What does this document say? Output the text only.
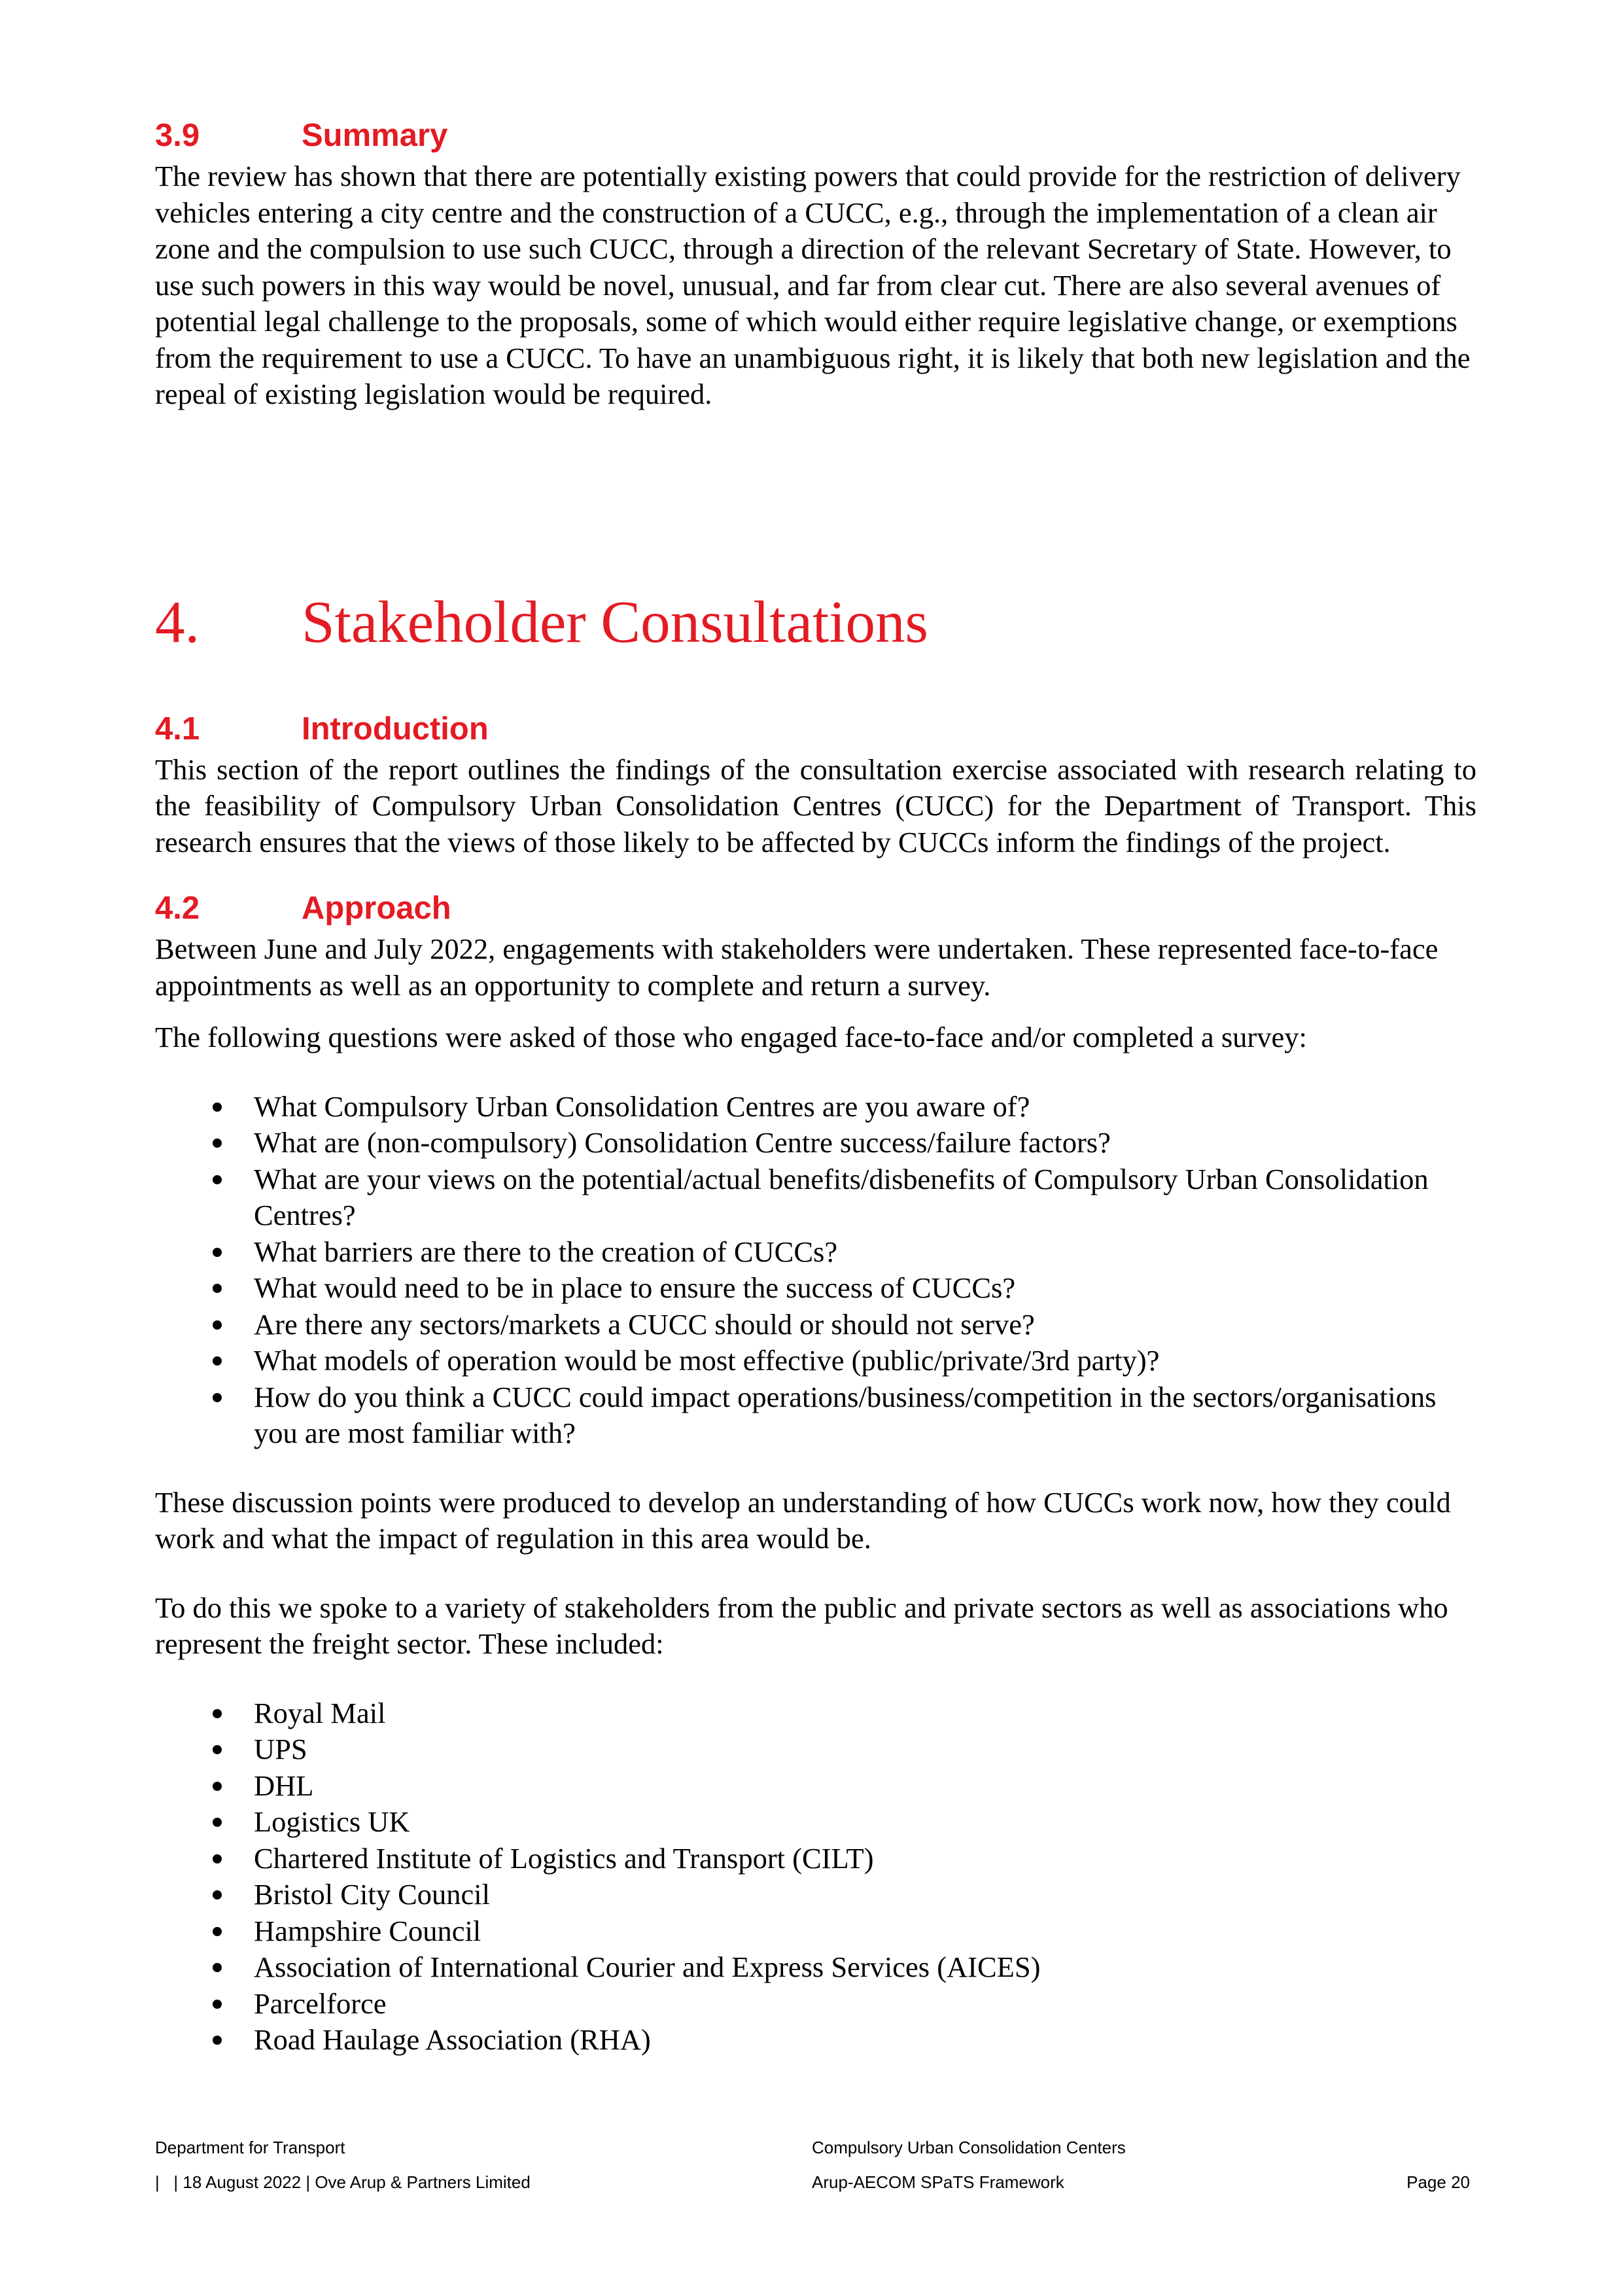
3.9	Summary

The review has shown that there are potentially existing powers that could provide for the restriction of delivery vehicles entering a city centre and the construction of a CUCC, e.g., through the implementation of a clean air zone and the compulsion to use such CUCC, through a direction of the relevant Secretary of State. However, to use such powers in this way would be novel, unusual, and far from clear cut. There are also several avenues of potential legal challenge to the proposals, some of which would either require legislative change, or exemptions from the requirement to use a CUCC. To have an unambiguous right, it is likely that both new legislation and the repeal of existing legislation would be required.

4.	Stakeholder Consultations
4.1	Introduction

This section of the report outlines the findings of the consultation exercise associated with research relating to the feasibility of Compulsory Urban Consolidation Centres (CUCC) for the Department of Transport. This research ensures that the views of those likely to be affected by CUCCs inform the findings of the project.

4.2	Approach

Between June and July 2022, engagements with stakeholders were undertaken. These represented face-to-face appointments as well as an opportunity to complete and return a survey.

The following questions were asked of those who engaged face-to-face and/or completed a survey:

What Compulsory Urban Consolidation Centres are you aware of?
What are (non-compulsory) Consolidation Centre success/failure factors?
What are your views on the potential/actual benefits/disbenefits of Compulsory Urban Consolidation Centres?
What barriers are there to the creation of CUCCs?
What would need to be in place to ensure the success of CUCCs?
Are there any sectors/markets a CUCC should or should not serve?
What models of operation would be most effective (public/private/3rd party)?
How do you think a CUCC could impact operations/business/competition in the sectors/organisations you are most familiar with?

These discussion points were produced to develop an understanding of how CUCCs work now, how they could work and what the impact of regulation in this area would be.

To do this we spoke to a variety of stakeholders from the public and private sectors as well as associations who represent the freight sector. These included:

Royal Mail
UPS
DHL
Logistics UK
Chartered Institute of Logistics and Transport (CILT)
Bristol City Council
Hampshire Council
Association of International Courier and Express Services (AICES)
Parcelforce
Road Haulage Association (RHA)
Department for Transport	Compulsory Urban Consolidation Centers
|   | 18 August 2022 | Ove Arup & Partners Limited	Arup-AECOM SPaTS Framework	Page 20
